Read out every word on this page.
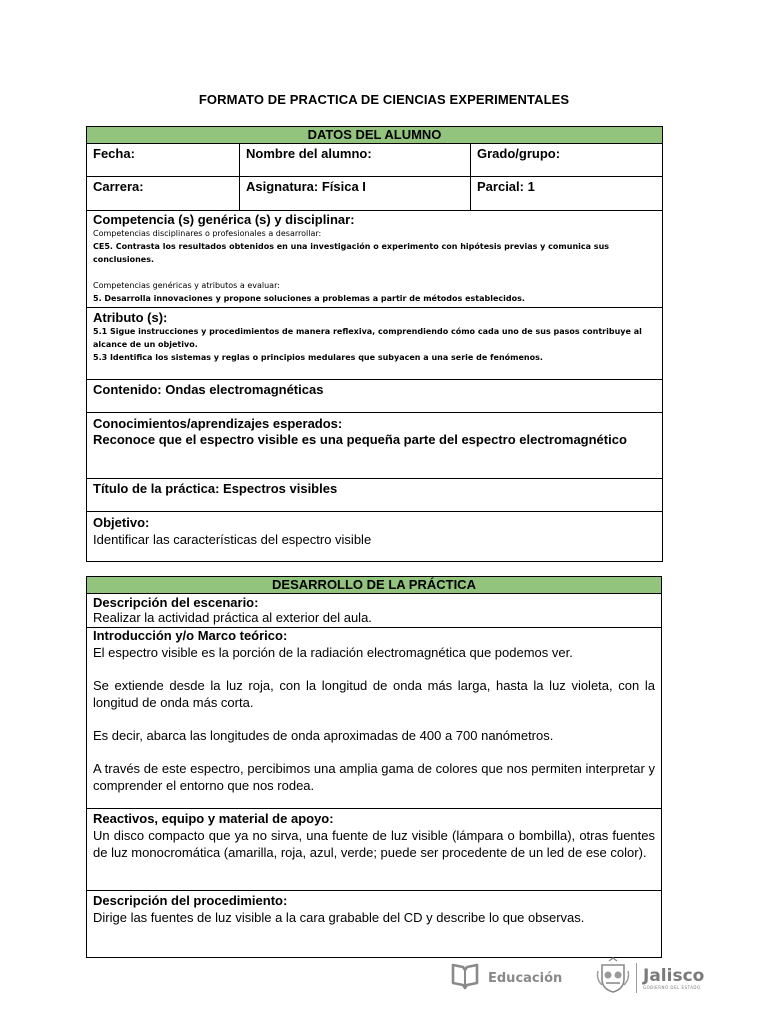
FORMATO DE PRACTICA DE CIENCIAS EXPERIMENTALES
DATOS DEL ALUMNO		
Fecha:	Nombre del alumno:	Grado/grupo:
Carrera:	Asignatura: Física I	Parcial: 1

Competencia (s) genérica (s) y disciplinar:
Competencias disciplinares o profesionales a desarrollar:
CE5. Contrasta los resultados obtenidos en una investigación o experimento con hipótesis previas y comunica sus conclusiones.
Competencias genéricas y atributos a evaluar:
5. Desarrolla innovaciones y propone soluciones a problemas a partir de métodos establecidos.		

Atributo (s):
5.1 Sigue instrucciones y procedimientos de manera reflexiva, comprendiendo cómo cada uno de sus pasos contribuye al alcance de un objetivo.
5.3 Identifica los sistemas y reglas o principios medulares que subyacen a una serie de fenómenos.		

Contenido: Ondas electromagnéticas		

Conocimientos/aprendizajes esperados:
Reconoce que el espectro visible es una pequeña parte del espectro electromagnético		

Título de la práctica: Espectros visibles		

Objetivo:
Identificar las características del espectro visible		
DESARROLLO DE LA PRÁCTICA

Descripción del escenario:
Realizar la actividad práctica al exterior del aula.

Introducción y/o Marco teórico:
El espectro visible es la porción de la radiación electromagnética que podemos ver.
Se extiende desde la luz roja, con la longitud de onda más larga, hasta la luz violeta, con la longitud de onda más corta.
Es decir, abarca las longitudes de onda aproximadas de 400 a 700 nanómetros.
A través de este espectro, percibimos una amplia gama de colores que nos permiten interpretar y comprender el entorno que nos rodea.

Reactivos, equipo y material de apoyo:
Un disco compacto que ya no sirva, una fuente de luz visible (lámpara o bombilla), otras fuentes de luz monocromática (amarilla, roja, azul, verde; puede ser procedente de un led de ese color).

Descripción del procedimiento:
Dirige las fuentes de luz visible a la cara grabable del CD y describe lo que observas.
Educación	Jalisco
GOBIERNO DEL ESTADO
